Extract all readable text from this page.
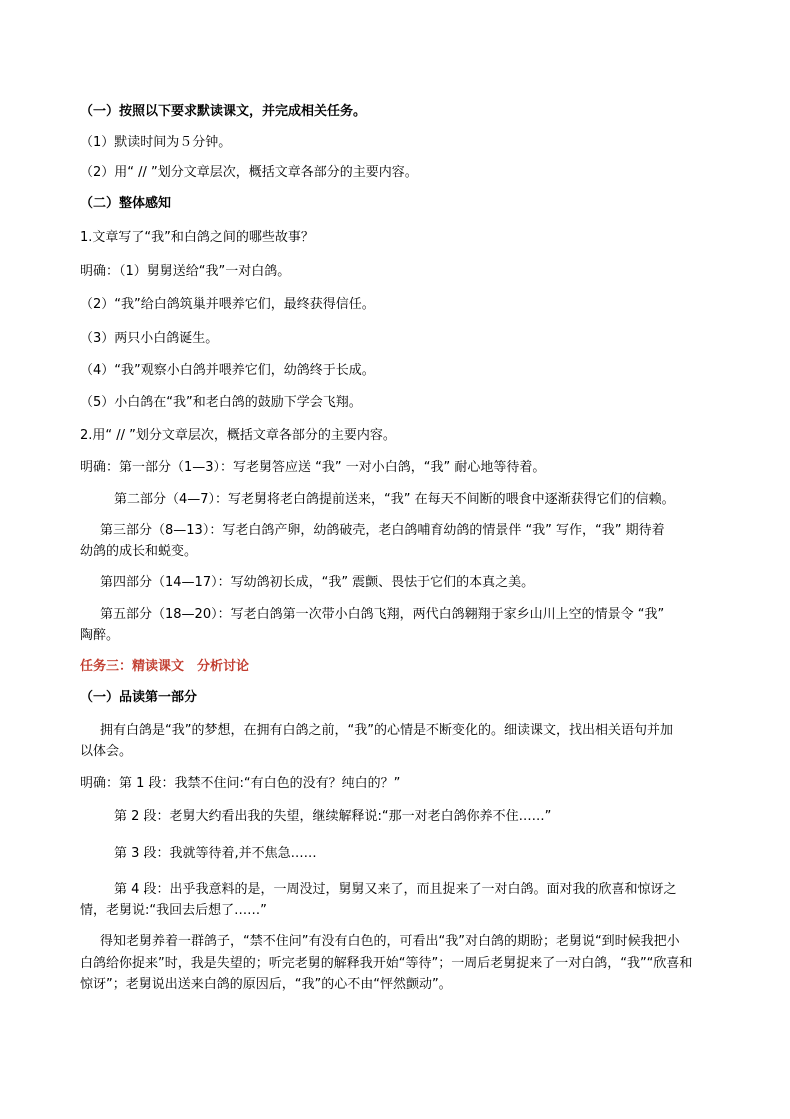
（一）按照以下要求默读课文，并完成相关任务。
（1）默读时间为５分钟。
（2）用“ // ”划分文章层次，概括文章各部分的主要内容。
（二）整体感知
1.文章写了“我”和白鸽之间的哪些故事？
明确：（1）舅舅送给“我”一对白鸽。
（2）“我”给白鸽筑巢并喂养它们，最终获得信任。
（3）两只小白鸽诞生。
（4）“我”观察小白鸽并喂养它们，幼鸽终于长成。
（5）小白鸽在“我”和老白鸽的鼓励下学会飞翔。
2.用“ // ”划分文章层次，概括文章各部分的主要内容。
明确：第一部分（1—3）：写老舅答应送 “我” 一对小白鸽，“我” 耐心地等待着。
第二部分（4—7）：写老舅将老白鸽提前送来，“我” 在每天不间断的喂食中逐渐获得它们的信赖。
第三部分（8—13）：写老白鸽产卵，幼鸽破壳，老白鸽哺育幼鸽的情景伴 “我” 写作，“我” 期待着
幼鸽的成长和蜕变。
第四部分（14—17）：写幼鸽初长成，“我” 震颤、畏怯于它们的本真之美。
第五部分（18—20）：写老白鸽第一次带小白鸽飞翔，两代白鸽翱翔于家乡山川上空的情景令 “我”
陶醉。
任务三：精读课文　分析讨论
（一）品读第一部分
拥有白鸽是“我”的梦想，在拥有白鸽之前，“我”的心情是不断变化的。细读课文，找出相关语句并加
以体会。
明确：第 1 段：我禁不住问:“有白色的没有？纯白的？”
第 2 段：老舅大约看出我的失望，继续解释说:“那一对老白鸽你养不住……”
第 3 段：我就等待着,并不焦急……
第 4 段：出乎我意料的是，一周没过，舅舅又来了，而且捉来了一对白鸽。面对我的欣喜和惊讶之
情，老舅说:“我回去后想了……”
得知老舅养着一群鸽子，“禁不住问”有没有白色的，可看出“我”对白鸽的期盼；老舅说“到时候我把小
白鸽给你捉来”时，我是失望的；听完老舅的解释我开始“等待”；一周后老舅捉来了一对白鸽，“我”“欣喜和
惊讶”；老舅说出送来白鸽的原因后，“我”的心不由“怦然颤动”。
